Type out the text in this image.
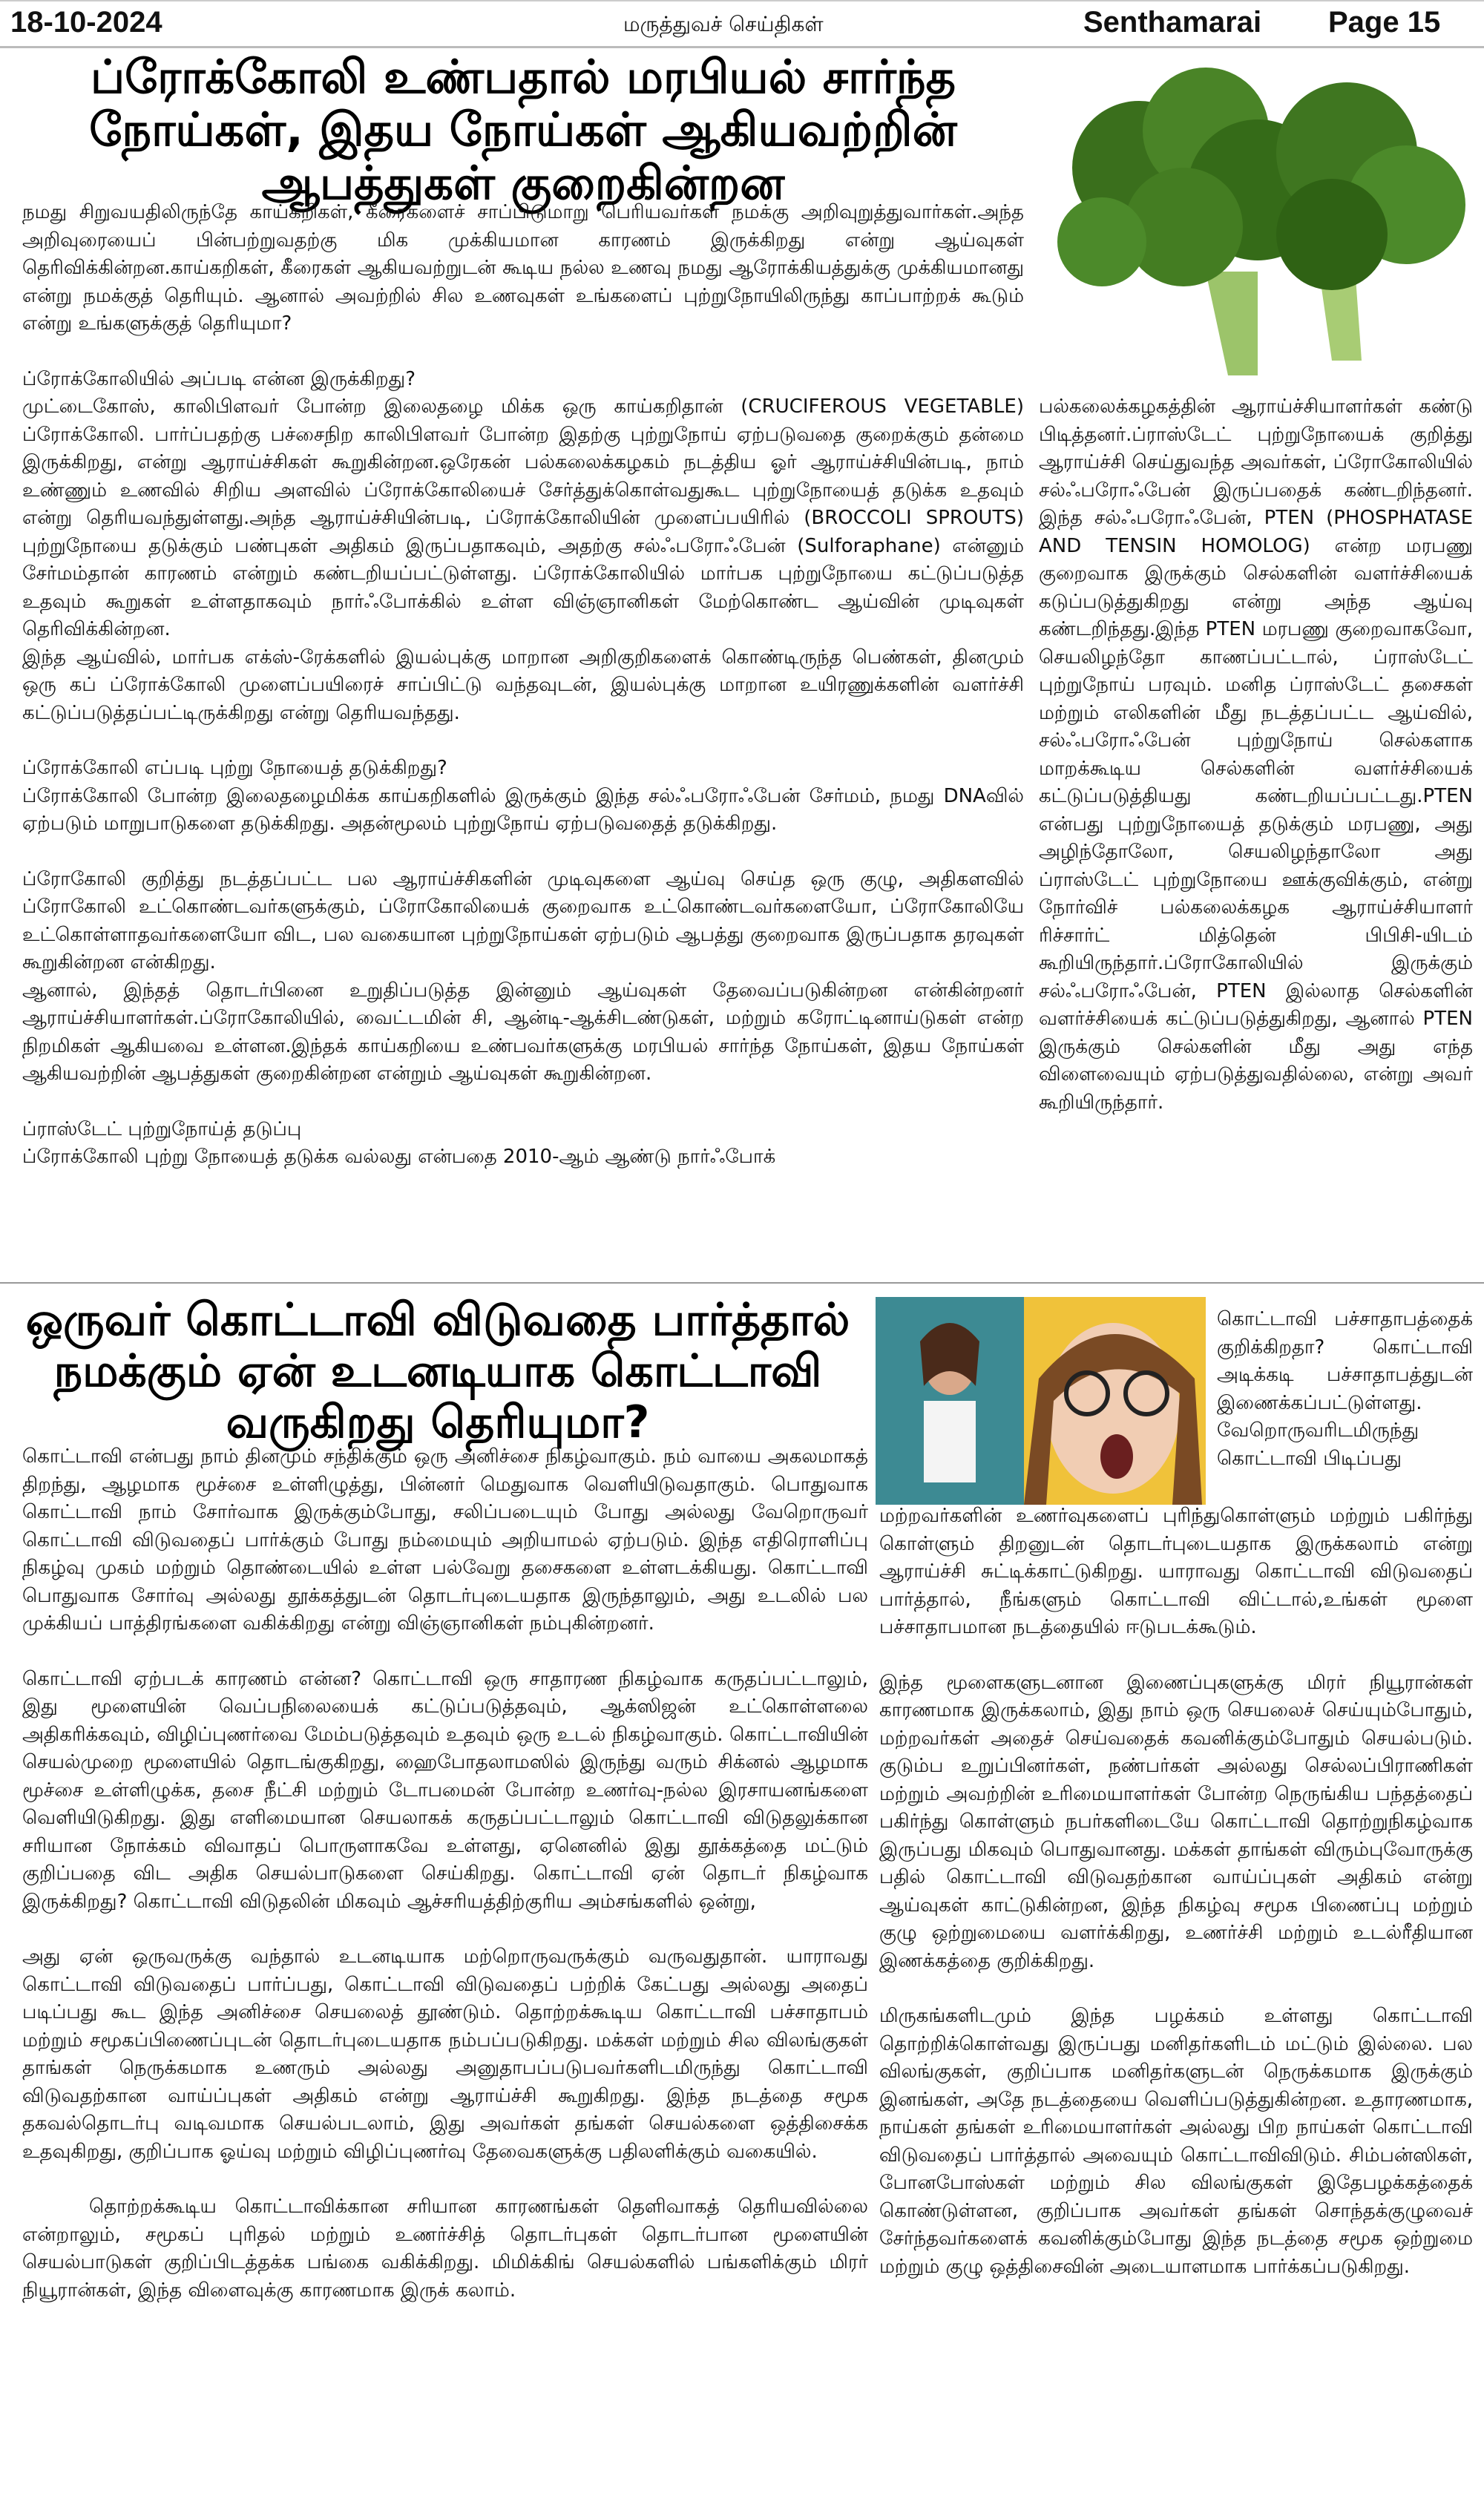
18-10-2024	மருத்துவச் செய்திகள்	Senthamarai Page 15
ப்ரோக்கோலி உண்பதால் மரபியல் சார்ந்த நோய்கள், இதய நோய்கள் ஆகியவற்றின் ஆபத்துகள் குறைகின்றன

நமது சிறுவயதிலிருந்தே காய்கறிகள், கீரைகளைச் சாப்பிடுமாறு பெரியவர்கள் நமக்கு அறிவுறுத்துவார்கள்.அந்த அறிவுரையைப் பின்பற்றுவதற்கு மிக முக்கியமான காரணம் இருக்கிறது என்று ஆய்வுகள் தெரிவிக்கின்றன.காய்கறிகள், கீரைகள் ஆகியவற்றுடன் கூடிய நல்ல உணவு நமது ஆரோக்கியத்துக்கு முக்கியமானது என்று நமக்குத் தெரியும். ஆனால் அவற்றில் சில உணவுகள் உங்களைப் புற்றுநோயிலிருந்து காப்பாற்றக் கூடும் என்று உங்களுக்குத் தெரியுமா?

ப்ரோக்கோலியில் அப்படி என்ன இருக்கிறது?

முட்டைகோஸ், காலிபிளவர் போன்ற இலைதழை மிக்க ஒரு காய்கறிதான் (CRUCIFEROUS VEGETABLE) ப்ரோக்கோலி. பார்ப்பதற்கு பச்சைநிற காலிபிளவர் போன்ற இதற்கு புற்றுநோய் ஏற்படுவதை குறைக்கும் தன்மை இருக்கிறது, என்று ஆராய்ச்சிகள் கூறுகின்றன.ஒரேகன் பல்கலைக்கழகம் நடத்திய ஓர் ஆராய்ச்சியின்படி, நாம் உண்ணும் உணவில் சிறிய அளவில் ப்ரோக்கோலியைச் சேர்த்துக்கொள்வதுகூட புற்றுநோயைத் தடுக்க உதவும் என்று தெரியவந்துள்ளது.அந்த ஆராய்ச்சியின்படி, ப்ரோக்கோலியின் முளைப்பயிரில் (BROCCOLI SPROUTS) புற்றுநோயை தடுக்கும் பண்புகள் அதிகம் இருப்பதாகவும், அதற்கு சல்ஃபரோஃபேன் (Sulforaphane) என்னும் சேர்மம்தான் காரணம் என்றும் கண்டறியப்பட்டுள்ளது. ப்ரோக்கோலியில் மார்பக புற்றுநோயை கட்டுப்படுத்த உதவும் கூறுகள் உள்ளதாகவும் நார்ஃபோக்கில் உள்ள விஞ்ஞானிகள் மேற்கொண்ட ஆய்வின் முடிவுகள் தெரிவிக்கின்றன.

இந்த ஆய்வில், மார்பக எக்ஸ்-ரேக்களில் இயல்புக்கு மாறான அறிகுறிகளைக் கொண்டிருந்த பெண்கள், தினமும் ஒரு கப் ப்ரோக்கோலி முளைப்பயிரைச் சாப்பிட்டு வந்தவுடன், இயல்புக்கு மாறான உயிரணுக்களின் வளர்ச்சி கட்டுப்படுத்தப்பட்டிருக்கிறது என்று தெரியவந்தது.

ப்ரோக்கோலி எப்படி புற்று நோயைத் தடுக்கிறது?

ப்ரோக்கோலி போன்ற இலைதழைமிக்க காய்கறிகளில் இருக்கும் இந்த சல்ஃபரோஃபேன் சேர்மம், நமது DNAவில் ஏற்படும் மாறுபாடுகளை தடுக்கிறது. அதன்மூலம் புற்றுநோய் ஏற்படுவதைத் தடுக்கிறது.

ப்ரோகோலி குறித்து நடத்தப்பட்ட பல ஆராய்ச்சிகளின் முடிவுகளை ஆய்வு செய்த ஒரு குழு, அதிகளவில் ப்ரோகோலி உட்கொண்டவர்களுக்கும், ப்ரோகோலியைக் குறைவாக உட்கொண்டவர்களையோ, ப்ரோகோலியே உட்கொள்ளாதவர்களையோ விட, பல வகையான புற்றுநோய்கள் ஏற்படும் ஆபத்து குறைவாக இருப்பதாக தரவுகள் கூறுகின்றன என்கிறது.

ஆனால், இந்தத் தொடர்பினை உறுதிப்படுத்த இன்னும் ஆய்வுகள் தேவைப்படுகின்றன என்கின்றனர் ஆராய்ச்சியாளர்கள்.ப்ரோகோலியில், வைட்டமின் சி, ஆன்டி-ஆக்சிடண்டுகள், மற்றும் கரோட்டினாய்டுகள் என்ற நிறமிகள் ஆகியவை உள்ளன.இந்தக் காய்கறியை உண்பவர்களுக்கு மரபியல் சார்ந்த நோய்கள், இதய நோய்கள் ஆகியவற்றின் ஆபத்துகள் குறைகின்றன என்றும் ஆய்வுகள் கூறுகின்றன.

ப்ராஸ்டேட் புற்றுநோய்த் தடுப்பு

ப்ரோக்கோலி புற்று நோயைத் தடுக்க வல்லது என்பதை 2010-ஆம் ஆண்டு நார்ஃபோக்

பல்கலைக்கழகத்தின் ஆராய்ச்சியாளர்கள் கண்டு பிடித்தனர்.ப்ராஸ்டேட் புற்றுநோயைக் குறித்து ஆராய்ச்சி செய்துவந்த அவர்கள், ப்ரோகோலியில் சல்ஃபரோஃபேன் இருப்பதைக் கண்டறிந்தனர். இந்த சல்ஃபரோஃபேன், PTEN (PHOSPHATASE AND TENSIN HOMOLOG) என்ற மரபணு குறைவாக இருக்கும் செல்களின் வளர்ச்சியைக் கடுப்படுத்துகிறது என்று அந்த ஆய்வு கண்டறிந்தது.இந்த PTEN மரபணு குறைவாகவோ, செயலிழந்தோ காணப்பட்டால், ப்ராஸ்டேட் புற்றுநோய் பரவும். மனித ப்ராஸ்டேட் தசைகள் மற்றும் எலிகளின் மீது நடத்தப்பட்ட ஆய்வில், சல்ஃபரோஃபேன் புற்றுநோய் செல்களாக மாறக்கூடிய செல்களின் வளர்ச்சியைக் கட்டுப்படுத்தியது கண்டறியப்பட்டது.PTEN என்பது புற்றுநோயைத் தடுக்கும் மரபணு, அது அழிந்தோலோ, செயலிழந்தாலோ அது ப்ராஸ்டேட் புற்றுநோயை ஊக்குவிக்கும், என்று நோர்விச் பல்கலைக்கழக ஆராய்ச்சியாளர் ரிச்சார்ட் மித்தென் பிபிசி-யிடம் கூறியிருந்தார்.ப்ரோகோலியில் இருக்கும் சல்ஃபரோஃபேன், PTEN இல்லாத செல்களின் வளர்ச்சியைக் கட்டுப்படுத்துகிறது, ஆனால் PTEN இருக்கும் செல்களின் மீது அது எந்த விளைவையும் ஏற்படுத்துவதில்லை, என்று அவர் கூறியிருந்தார்.

ஒருவர் கொட்டாவி விடுவதை பார்த்தால் நமக்கும் ஏன் உடனடியாக கொட்டாவி வருகிறது தெரியுமா?

கொட்டாவி பச்சாதாபத்தைக் குறிக்கிறதா? கொட்டாவி அடிக்கடி பச்சாதாபத்துடன் இணைக்கப்பட்டுள்ளது. வேறொருவரிடமிருந்து கொட்டாவி பிடிப்பது

கொட்டாவி என்பது நாம் தினமும் சந்திக்கும் ஒரு அனிச்சை நிகழ்வாகும். நம் வாயை அகலமாகத் திறந்து, ஆழமாக மூச்சை உள்ளிழுத்து, பின்னர் மெதுவாக வெளியிடுவதாகும். பொதுவாக கொட்டாவி நாம் சோர்வாக இருக்கும்போது, சலிப்படையும் போது அல்லது வேறொருவர் கொட்டாவி விடுவதைப் பார்க்கும் போது நம்மையும் அறியாமல் ஏற்படும். இந்த எதிரொளிப்பு நிகழ்வு முகம் மற்றும் தொண்டையில் உள்ள பல்வேறு தசைகளை உள்ளடக்கியது. கொட்டாவி பொதுவாக சோர்வு அல்லது தூக்கத்துடன் தொடர்புடையதாக இருந்தாலும், அது உடலில் பல முக்கியப் பாத்திரங்களை வகிக்கிறது என்று விஞ்ஞானிகள் நம்புகின்றனர்.

கொட்டாவி ஏற்படக் காரணம் என்ன? கொட்டாவி ஒரு சாதாரண நிகழ்வாக கருதப்பட்டாலும், இது மூளையின் வெப்பநிலையைக் கட்டுப்படுத்தவும், ஆக்ஸிஜன் உட்கொள்ளலை அதிகரிக்கவும், விழிப்புணர்வை மேம்படுத்தவும் உதவும் ஒரு உடல் நிகழ்வாகும். கொட்டாவியின் செயல்முறை மூளையில் தொடங்குகிறது, ஹைபோதலாமஸில் இருந்து வரும் சிக்னல் ஆழமாக மூச்சை உள்ளிழுக்க, தசை நீட்சி மற்றும் டோபமைன் போன்ற உணர்வு-நல்ல இரசாயனங்களை வெளியிடுகிறது. இது எளிமையான செயலாகக் கருதப்பட்டாலும் கொட்டாவி விடுதலுக்கான சரியான நோக்கம் விவாதப் பொருளாகவே உள்ளது, ஏனெனில் இது தூக்கத்தை மட்டும் குறிப்பதை விட அதிக செயல்பாடுகளை செய்கிறது. கொட்டாவி ஏன் தொடர் நிகழ்வாக இருக்கிறது? கொட்டாவி விடுதலின் மிகவும் ஆச்சரியத்திற்குரிய அம்சங்களில் ஒன்று,

அது ஏன் ஒருவருக்கு வந்தால் உடனடியாக மற்றொருவருக்கும் வருவதுதான். யாராவது கொட்டாவி விடுவதைப் பார்ப்பது, கொட்டாவி விடுவதைப் பற்றிக் கேட்பது அல்லது அதைப் படிப்பது கூட இந்த அனிச்சை செயலைத் தூண்டும். தொற்றக்கூடிய கொட்டாவி பச்சாதாபம் மற்றும் சமூகப்பிணைப்புடன் தொடர்புடையதாக நம்பப்படுகிறது. மக்கள் மற்றும் சில விலங்குகள் தாங்கள் நெருக்கமாக உணரும் அல்லது அனுதாபப்படுபவர்களிடமிருந்து கொட்டாவி விடுவதற்கான வாய்ப்புகள் அதிகம் என்று ஆராய்ச்சி கூறுகிறது. இந்த நடத்தை சமூக தகவல்தொடர்பு வடிவமாக செயல்படலாம், இது அவர்கள் தங்கள் செயல்களை ஒத்திசைக்க உதவுகிறது, குறிப்பாக ஓய்வு மற்றும் விழிப்புணர்வு தேவைகளுக்கு பதிலளிக்கும் வகையில்.

தொற்றக்கூடிய கொட்டாவிக்கான சரியான காரணங்கள் தெளிவாகத் தெரியவில்லை என்றாலும், சமூகப் புரிதல் மற்றும் உணர்ச்சித் தொடர்புகள் தொடர்பான மூளையின் செயல்பாடுகள் குறிப்பிடத்தக்க பங்கை வகிக்கிறது. மிமிக்கிங் செயல்களில் பங்களிக்கும் மிரர் நியூரான்கள், இந்த விளைவுக்கு காரணமாக இருக் கலாம்.

மற்றவர்களின் உணர்வுகளைப் புரிந்துகொள்ளும் மற்றும் பகிர்ந்து கொள்ளும் திறனுடன் தொடர்புடையதாக இருக்கலாம் என்று ஆராய்ச்சி சுட்டிக்காட்டுகிறது. யாராவது கொட்டாவி விடுவதைப் பார்த்தால், நீங்களும் கொட்டாவி விட்டால்,உங்கள் மூளை பச்சாதாபமான நடத்தையில் ஈடுபடக்கூடும்.

இந்த மூளைகளுடனான இணைப்புகளுக்கு மிரர் நியூரான்கள் காரணமாக இருக்கலாம், இது நாம் ஒரு செயலைச் செய்யும்போதும், மற்றவர்கள் அதைச் செய்வதைக் கவனிக்கும்போதும் செயல்படும். குடும்ப உறுப்பினர்கள், நண்பர்கள் அல்லது செல்லப்பிராணிகள் மற்றும் அவற்றின் உரிமையாளர்கள் போன்ற நெருங்கிய பந்தத்தைப் பகிர்ந்து கொள்ளும் நபர்களிடையே கொட்டாவி தொற்றுநிகழ்வாக இருப்பது மிகவும் பொதுவானது. மக்கள் தாங்கள் விரும்புவோருக்கு பதில் கொட்டாவி விடுவதற்கான வாய்ப்புகள் அதிகம் என்று ஆய்வுகள் காட்டுகின்றன, இந்த நிகழ்வு சமூக பிணைப்பு மற்றும் குழு ஒற்றுமையை வளர்க்கிறது, உணர்ச்சி மற்றும் உடல்ரீதியான இணக்கத்தை குறிக்கிறது.

மிருகங்களிடமும் இந்த பழக்கம் உள்ளது கொட்டாவி தொற்றிக்கொள்வது இருப்பது மனிதர்களிடம் மட்டும் இல்லை. பல விலங்குகள், குறிப்பாக மனிதர்களுடன் நெருக்கமாக இருக்கும் இனங்கள், அதே நடத்தையை வெளிப்படுத்துகின்றன. உதாரணமாக, நாய்கள் தங்கள் உரிமையாளர்கள் அல்லது பிற நாய்கள் கொட்டாவி விடுவதைப் பார்த்தால் அவையும் கொட்டாவிவிடும். சிம்பன்ஸிகள், போனபோஸ்கள் மற்றும் சில விலங்குகள் இதேபழக்கத்தைக் கொண்டுள்ளன, குறிப்பாக அவர்கள் தங்கள் சொந்தக்குழுவைச் சேர்ந்தவர்களைக் கவனிக்கும்போது இந்த நடத்தை சமூக ஒற்றுமை மற்றும் குழு ஒத்திசைவின் அடையாளமாக பார்க்கப்படுகிறது.
